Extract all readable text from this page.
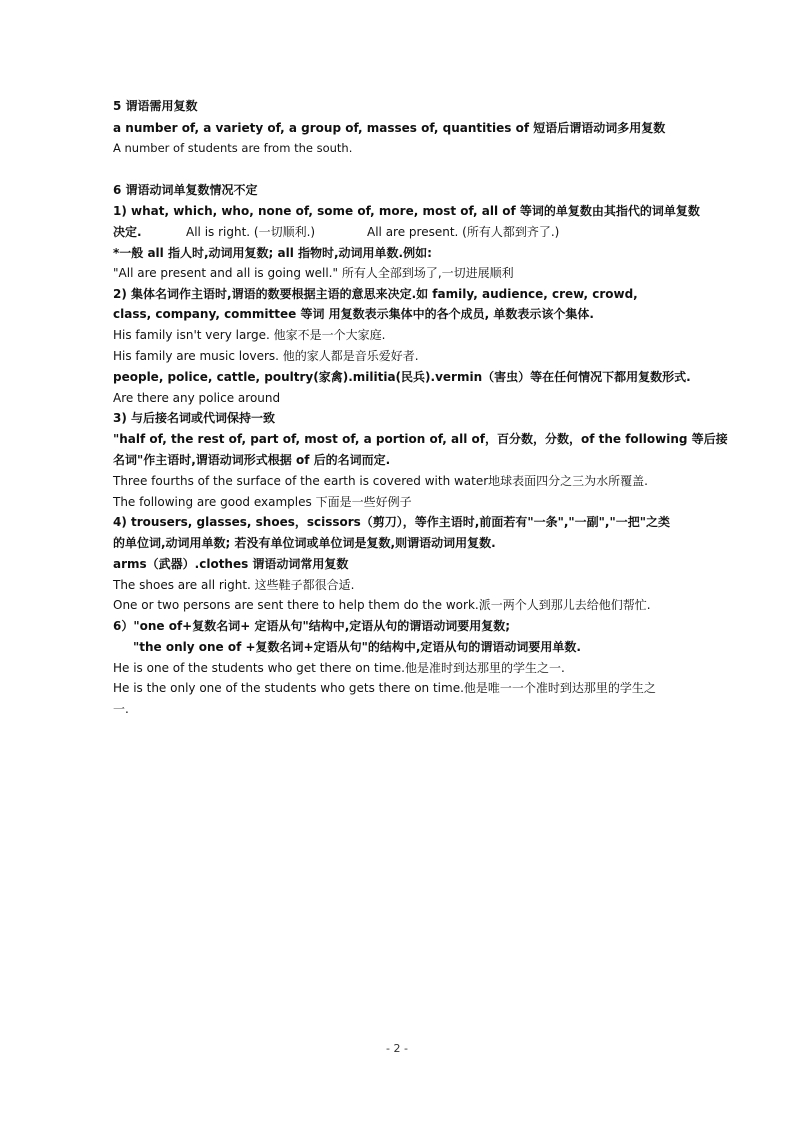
5 谓语需用复数
a number of, a variety of, a group of, masses of, quantities of 短语后谓语动词多用复数
A number of students are from the south.
6 谓语动词单复数情况不定
1) what, which, who, none of, some of, more, most of, all of 等词的单复数由其指代的词单复数
决定.	All is right. (一切顺利.)	All are present. (所有人都到齐了.)
*一般 all 指人时,动词用复数; all 指物时,动词用单数.例如:
"All are present and all is going well." 所有人全部到场了,一切进展顺利
2) 集体名词作主语时,谓语的数要根据主语的意思来决定.如 family, audience, crew, crowd,
class, company, committee 等词 用复数表示集体中的各个成员, 单数表示该个集体.
His family isn't very large. 他家不是一个大家庭.
His family are music lovers. 他的家人都是音乐爱好者.
people, police, cattle, poultry(家禽).militia(民兵).vermin（害虫）等在任何情况下都用复数形式.
Are there any police around
3) 与后接名词或代词保持一致
"half of, the rest of, part of, most of, a portion of, all of，百分数，分数，of the following 等后接
名词"作主语时,谓语动词形式根据 of 后的名词而定.
Three fourths of the surface of the earth is covered with water地球表面四分之三为水所覆盖.
The following are good examples 下面是一些好例子
4) trousers, glasses, shoes，scissors（剪刀），等作主语时,前面若有"一条","一副","一把"之类
的单位词,动词用单数; 若没有单位词或单位词是复数,则谓语动词用复数.
arms（武器）.clothes 谓语动词常用复数
The shoes are all right. 这些鞋子都很合适.
One or two persons are sent there to help them do the work.派一两个人到那儿去给他们帮忙.
6）"one of+复数名词+ 定语从句"结构中,定语从句的谓语动词要用复数;
"the only one of +复数名词+定语从句"的结构中,定语从句的谓语动词要用单数.
He is one of the students who get there on time.他是准时到达那里的学生之一.
He is the only one of the students who gets there on time.他是唯一一个准时到达那里的学生之
一.
- 2 -
